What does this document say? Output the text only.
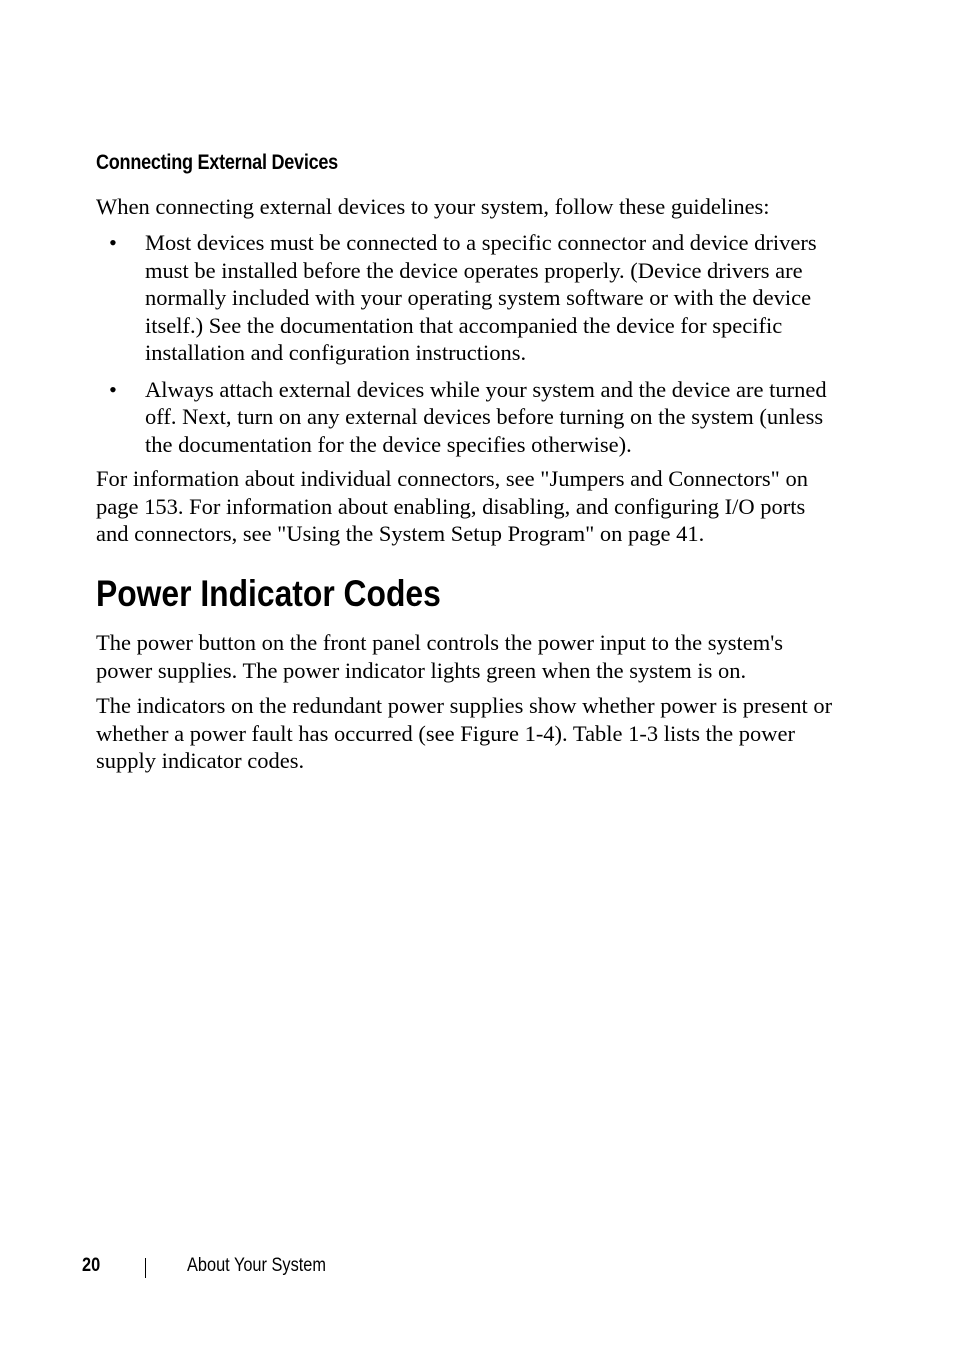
Connecting External Devices

When connecting external devices to your system, follow these guidelines:

• Most devices must be connected to a specific connector and device drivers must be installed before the device operates properly. (Device drivers are normally included with your operating system software or with the device itself.) See the documentation that accompanied the device for specific installation and configuration instructions.
• Always attach external devices while your system and the device are turned off. Next, turn on any external devices before turning on the system (unless the documentation for the device specifies otherwise).

For information about individual connectors, see "Jumpers and Connectors" on page 153. For information about enabling, disabling, and configuring I/O ports and connectors, see "Using the System Setup Program" on page 41.

Power Indicator Codes

The power button on the front panel controls the power input to the system's power supplies. The power indicator lights green when the system is on.

The indicators on the redundant power supplies show whether power is present or whether a power fault has occurred (see Figure 1-4). Table 1-3 lists the power supply indicator codes.

20	About Your System
